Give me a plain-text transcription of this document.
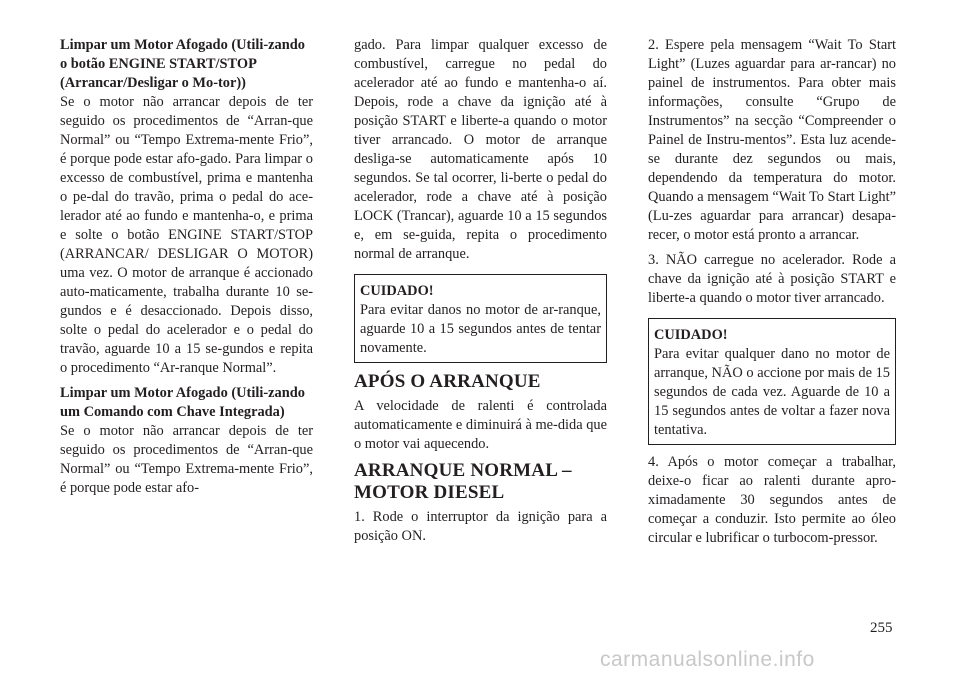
Limpar um Motor Afogado (Utili-zando o botão ENGINE START/STOP (Arrancar/Desligar o Mo-tor))

Se o motor não arrancar depois de ter seguido os procedimentos de “Arran-que Normal” ou “Tempo Extrema-mente Frio”, é porque pode estar afo-gado. Para limpar o excesso de combustível, prima e mantenha o pe-dal do travão, prima o pedal do ace-lerador até ao fundo e mantenha-o, e prima e solte o botão ENGINE START/STOP (ARRANCAR/ DESLIGAR O MOTOR) uma vez. O motor de arranque é accionado auto-maticamente, trabalha durante 10 se-gundos e é desaccionado. Depois disso, solte o pedal do acelerador e o pedal do travão, aguarde 10 a 15 se-gundos e repita o procedimento “Ar-ranque Normal”.

Limpar um Motor Afogado (Utili-zando um Comando com Chave Integrada)

Se o motor não arrancar depois de ter seguido os procedimentos de “Arran-que Normal” ou “Tempo Extrema-mente Frio”, é porque pode estar afo-

gado. Para limpar qualquer excesso de combustível, carregue no pedal do acelerador até ao fundo e mantenha-o aí. Depois, rode a chave da ignição até à posição START e liberte-a quando o motor tiver arrancado. O motor de arranque desliga-se automaticamente após 10 segundos. Se tal ocorrer, li-berte o pedal do acelerador, rode a chave até à posição LOCK (Trancar), aguarde 10 a 15 segundos e, em se-guida, repita o procedimento normal de arranque.

CUIDADO!

Para evitar danos no motor de ar-ranque, aguarde 10 a 15 segundos antes de tentar novamente.

APÓS O ARRANQUE

A velocidade de ralenti é controlada automaticamente e diminuirá à me-dida que o motor vai aquecendo.

ARRANQUE NORMAL – MOTOR DIESEL

1. Rode o interruptor da ignição para a posição ON.

2. Espere pela mensagem “Wait To Start Light” (Luzes aguardar para ar-rancar) no painel de instrumentos. Para obter mais informações, consulte “Grupo de Instrumentos” na secção “Compreender o Painel de Instru-mentos”. Esta luz acende-se durante dez segundos ou mais, dependendo da temperatura do motor. Quando a mensagem “Wait To Start Light” (Lu-zes aguardar para arrancar) desapa-recer, o motor está pronto a arrancar.

3. NÃO carregue no acelerador. Rode a chave da ignição até à posição START e liberte-a quando o motor tiver arrancado.

CUIDADO!

Para evitar qualquer dano no motor de arranque, NÃO o accione por mais de 15 segundos de cada vez. Aguarde de 10 a 15 segundos antes de voltar a fazer nova tentativa.

4. Após o motor começar a trabalhar, deixe-o ficar ao ralenti durante apro-ximadamente 30 segundos antes de começar a conduzir. Isto permite ao óleo circular e lubrificar o turbocom-pressor.

255
carmanualsonline.info
